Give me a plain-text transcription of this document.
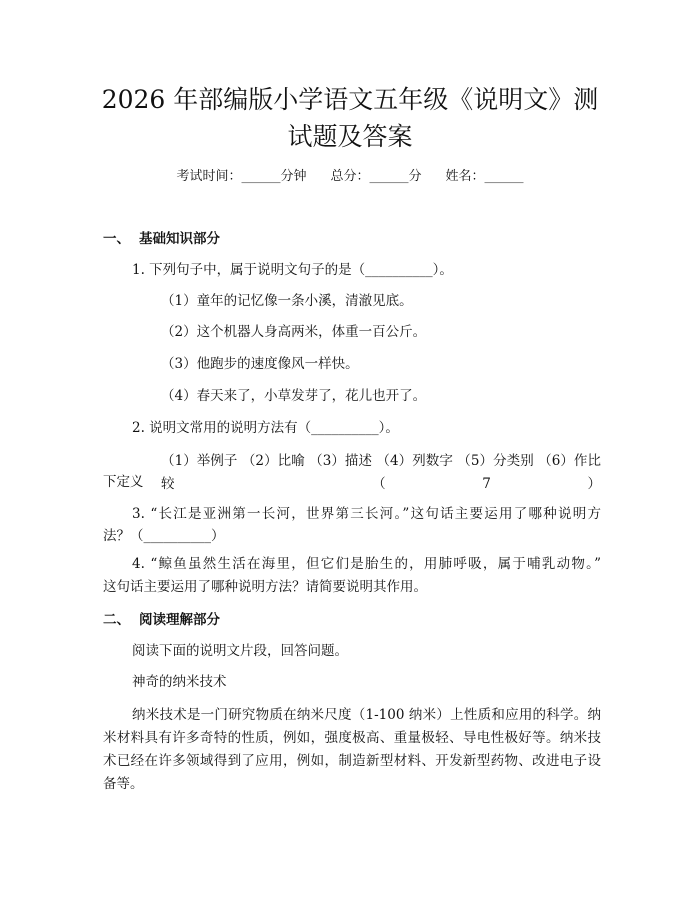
2026 年部编版小学语文五年级《说明文》测
试题及答案
考试时间：______分钟 总分：______分 姓名：______
一、 基础知识部分
1. 下列句子中，属于说明文句子的是（__________）。
（1）童年的记忆像一条小溪，清澈见底。
（2）这个机器人身高两米，体重一百公斤。
（3）他跑步的速度像风一样快。
（4）春天来了，小草发芽了，花儿也开了。
2. 说明文常用的说明方法有（__________）。
（1）举例子 （2）比喻 （3）描述 （4）列数字 （5）分类别 （6）作比较 （7）
下定义
3. “长江是亚洲第一长河，世界第三长河。”这句话主要运用了哪种说明方
法？（__________）
4. “鲸鱼虽然生活在海里，但它们是胎生的，用肺呼吸，属于哺乳动物。”
这句话主要运用了哪种说明方法？请简要说明其作用。
二、 阅读理解部分
阅读下面的说明文片段，回答问题。
神奇的纳米技术
纳米技术是一门研究物质在纳米尺度（1-100 纳米）上性质和应用的科学。纳
米材料具有许多奇特的性质，例如，强度极高、重量极轻、导电性极好等。纳米技
术已经在许多领域得到了应用，例如，制造新型材料、开发新型药物、改进电子设
备等。
